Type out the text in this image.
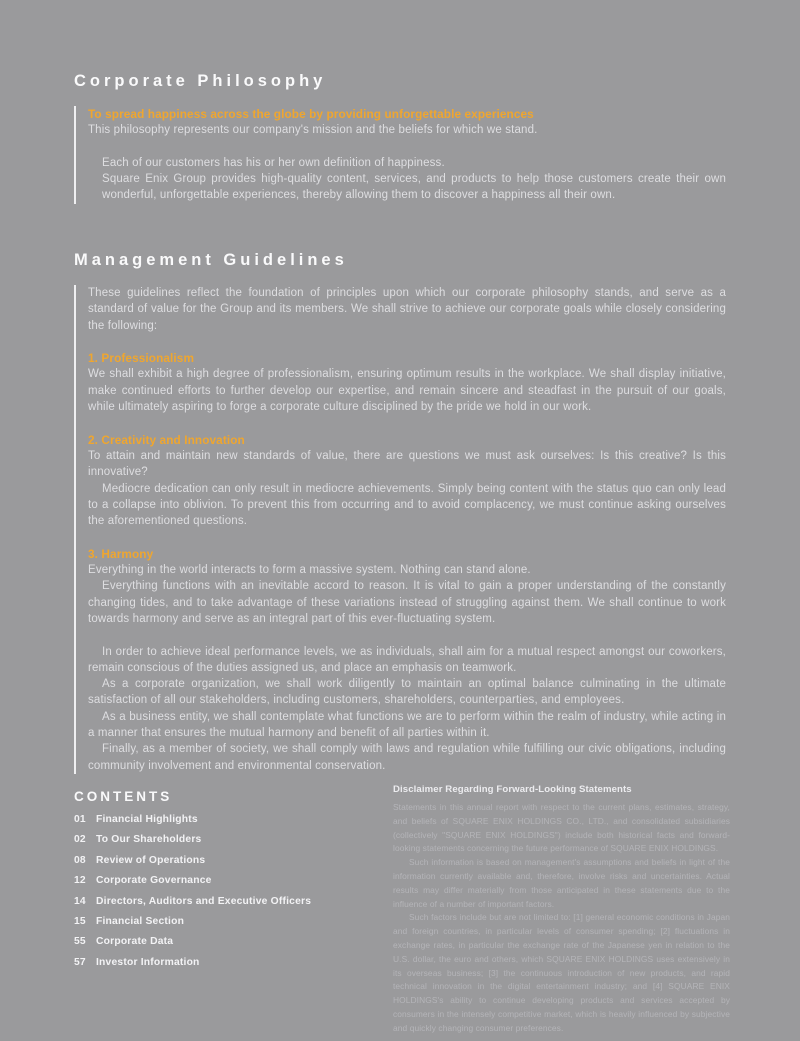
Corporate Philosophy

To spread happiness across the globe by providing unforgettable experiences

This philosophy represents our company's mission and the beliefs for which we stand.

Each of our customers has his or her own definition of happiness.

Square Enix Group provides high-quality content, services, and products to help those customers create their own wonderful, unforgettable experiences, thereby allowing them to discover a happiness all their own.

Management Guidelines

These guidelines reflect the foundation of principles upon which our corporate philosophy stands, and serve as a standard of value for the Group and its members. We shall strive to achieve our corporate goals while closely considering the following:

1. Professionalism

We shall exhibit a high degree of professionalism, ensuring optimum results in the workplace. We shall display initiative, make continued efforts to further develop our expertise, and remain sincere and steadfast in the pursuit of our goals, while ultimately aspiring to forge a corporate culture disciplined by the pride we hold in our work.

2. Creativity and Innovation

To attain and maintain new standards of value, there are questions we must ask ourselves: Is this creative? Is this innovative?

Mediocre dedication can only result in mediocre achievements. Simply being content with the status quo can only lead to a collapse into oblivion. To prevent this from occurring and to avoid complacency, we must continue asking ourselves the aforementioned questions.

3. Harmony

Everything in the world interacts to form a massive system. Nothing can stand alone.

Everything functions with an inevitable accord to reason. It is vital to gain a proper understanding of the constantly changing tides, and to take advantage of these variations instead of struggling against them. We shall continue to work towards harmony and serve as an integral part of this ever-fluctuating system.

In order to achieve ideal performance levels, we as individuals, shall aim for a mutual respect amongst our coworkers, remain conscious of the duties assigned us, and place an emphasis on teamwork.

As a corporate organization, we shall work diligently to maintain an optimal balance culminating in the ultimate satisfaction of all our stakeholders, including customers, shareholders, counterparties, and employees.

As a business entity, we shall contemplate what functions we are to perform within the realm of industry, while acting in a manner that ensures the mutual harmony and benefit of all parties within it.

Finally, as a member of society, we shall comply with laws and regulation while fulfilling our civic obligations, including community involvement and environmental conservation.

CONTENTS
01 Financial Highlights
02 To Our Shareholders
08 Review of Operations
12 Corporate Governance
14 Directors, Auditors and Executive Officers
15 Financial Section
55 Corporate Data
57 Investor Information
Disclaimer Regarding Forward-Looking Statements

Statements in this annual report with respect to the current plans, estimates, strategy, and beliefs of SQUARE ENIX HOLDINGS CO., LTD., and consolidated subsidiaries (collectively "SQUARE ENIX HOLDINGS") include both historical facts and forward-looking statements concerning the future performance of SQUARE ENIX HOLDINGS.

Such information is based on management's assumptions and beliefs in light of the information currently available and, therefore, involve risks and uncertainties. Actual results may differ materially from those anticipated in these statements due to the influence of a number of important factors.

Such factors include but are not limited to: [1] general economic conditions in Japan and foreign countries, in particular levels of consumer spending; [2] fluctuations in exchange rates, in particular the exchange rate of the Japanese yen in relation to the U.S. dollar, the euro and others, which SQUARE ENIX HOLDINGS uses extensively in its overseas business; [3] the continuous introduction of new products, and rapid technical innovation in the digital entertainment industry; and [4] SQUARE ENIX HOLDINGS's ability to continue developing products and services accepted by consumers in the intensely competitive market, which is heavily influenced by subjective and quickly changing consumer preferences.
